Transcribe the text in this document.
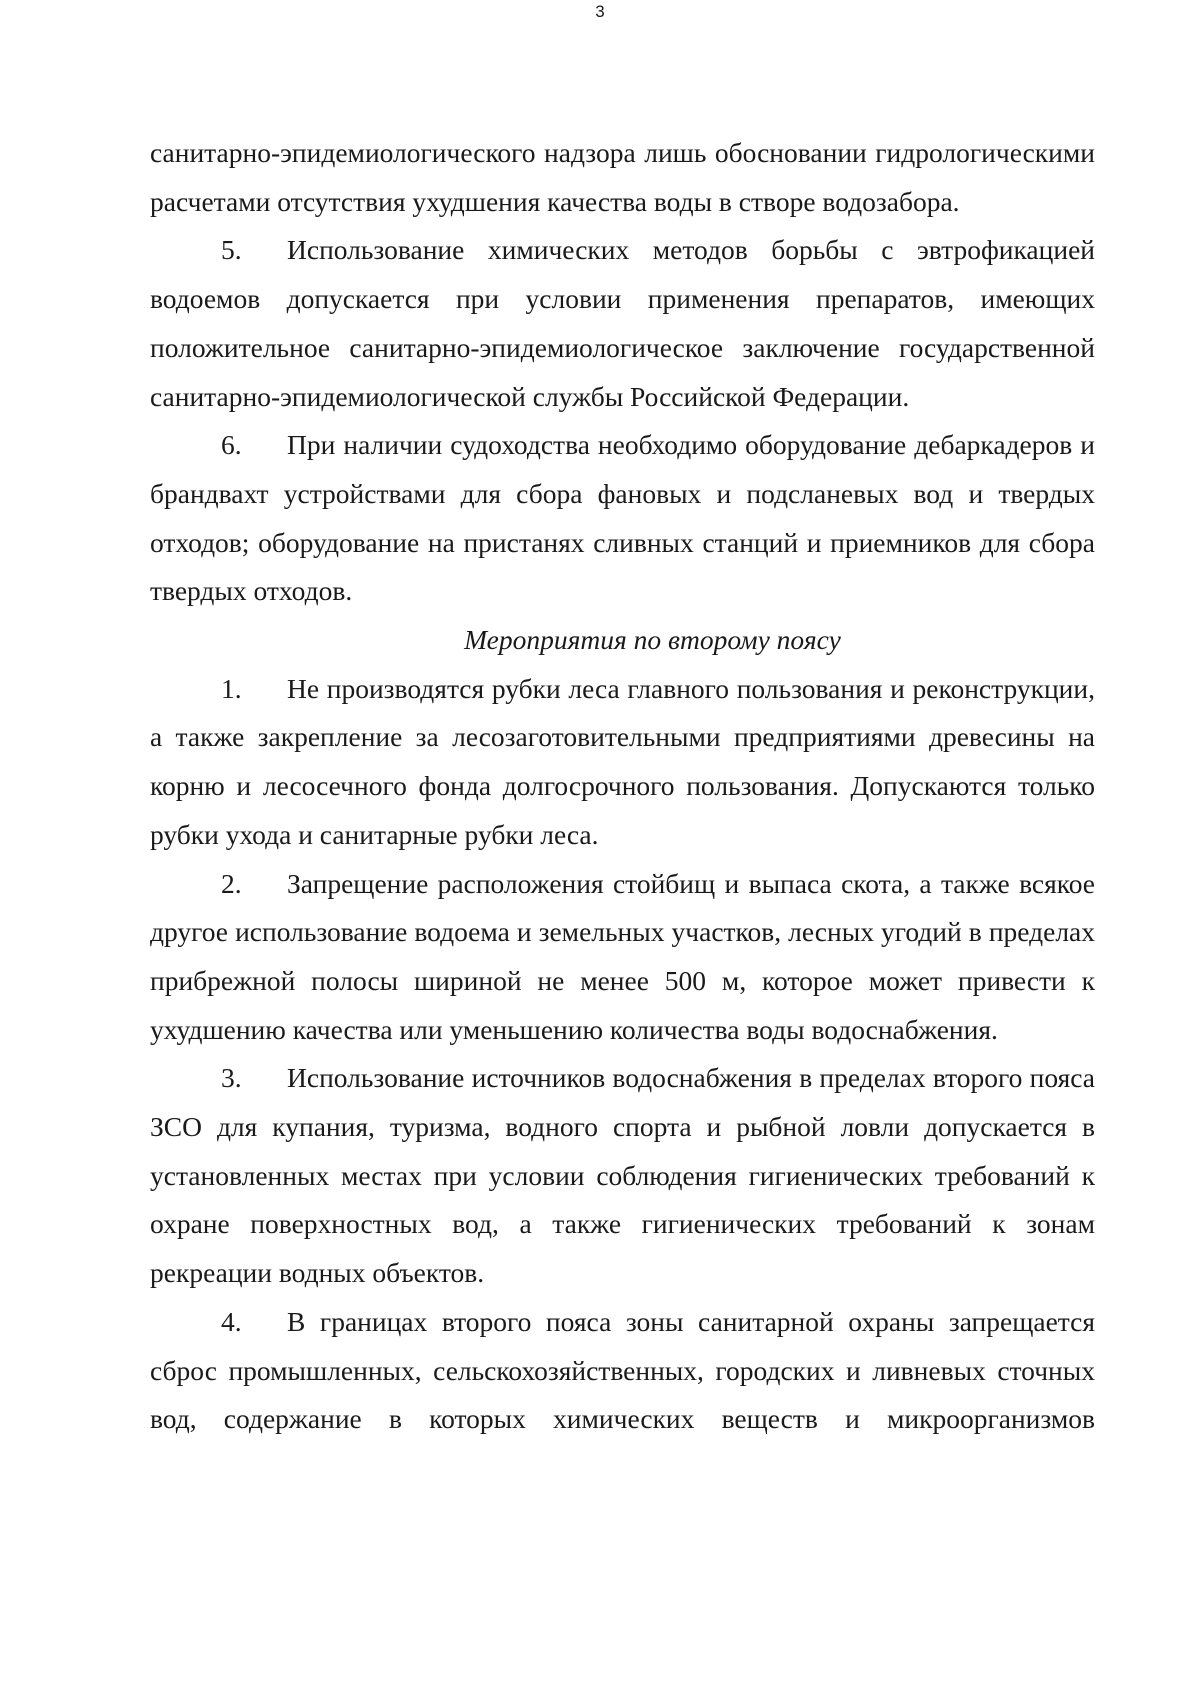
3

санитарно-эпидемиологического надзора лишь обосновании гидрологическими расчетами отсутствия ухудшения качества воды в створе водозабора.

5. Использование химических методов борьбы с эвтрофикацией водоемов допускается при условии применения препаратов, имеющих положительное санитарно-эпидемиологическое заключение государственной санитарно-эпидемиологической службы Российской Федерации.

6. При наличии судоходства необходимо оборудование дебаркадеров и брандвахт устройствами для сбора фановых и подсланевых вод и твердых отходов; оборудование на пристанях сливных станций и приемников для сбора твердых отходов.

Мероприятия по второму поясу

1. Не производятся рубки леса главного пользования и реконструкции, а также закрепление за лесозаготовительными предприятиями древесины на корню и лесосечного фонда долгосрочного пользования. Допускаются только рубки ухода и санитарные рубки леса.

2. Запрещение расположения стойбищ и выпаса скота, а также всякое другое использование водоема и земельных участков, лесных угодий в пределах прибрежной полосы шириной не менее 500 м, которое может привести к ухудшению качества или уменьшению количества воды водоснабжения.

3. Использование источников водоснабжения в пределах второго пояса ЗСО для купания, туризма, водного спорта и рыбной ловли допускается в установленных местах при условии соблюдения гигиенических требований к охране поверхностных вод, а также гигиенических требований к зонам рекреации водных объектов.

4. В границах второго пояса зоны санитарной охраны запрещается сброс промышленных, сельскохозяйственных, городских и ливневых сточных вод, содержание в которых химических веществ и микроорганизмов
